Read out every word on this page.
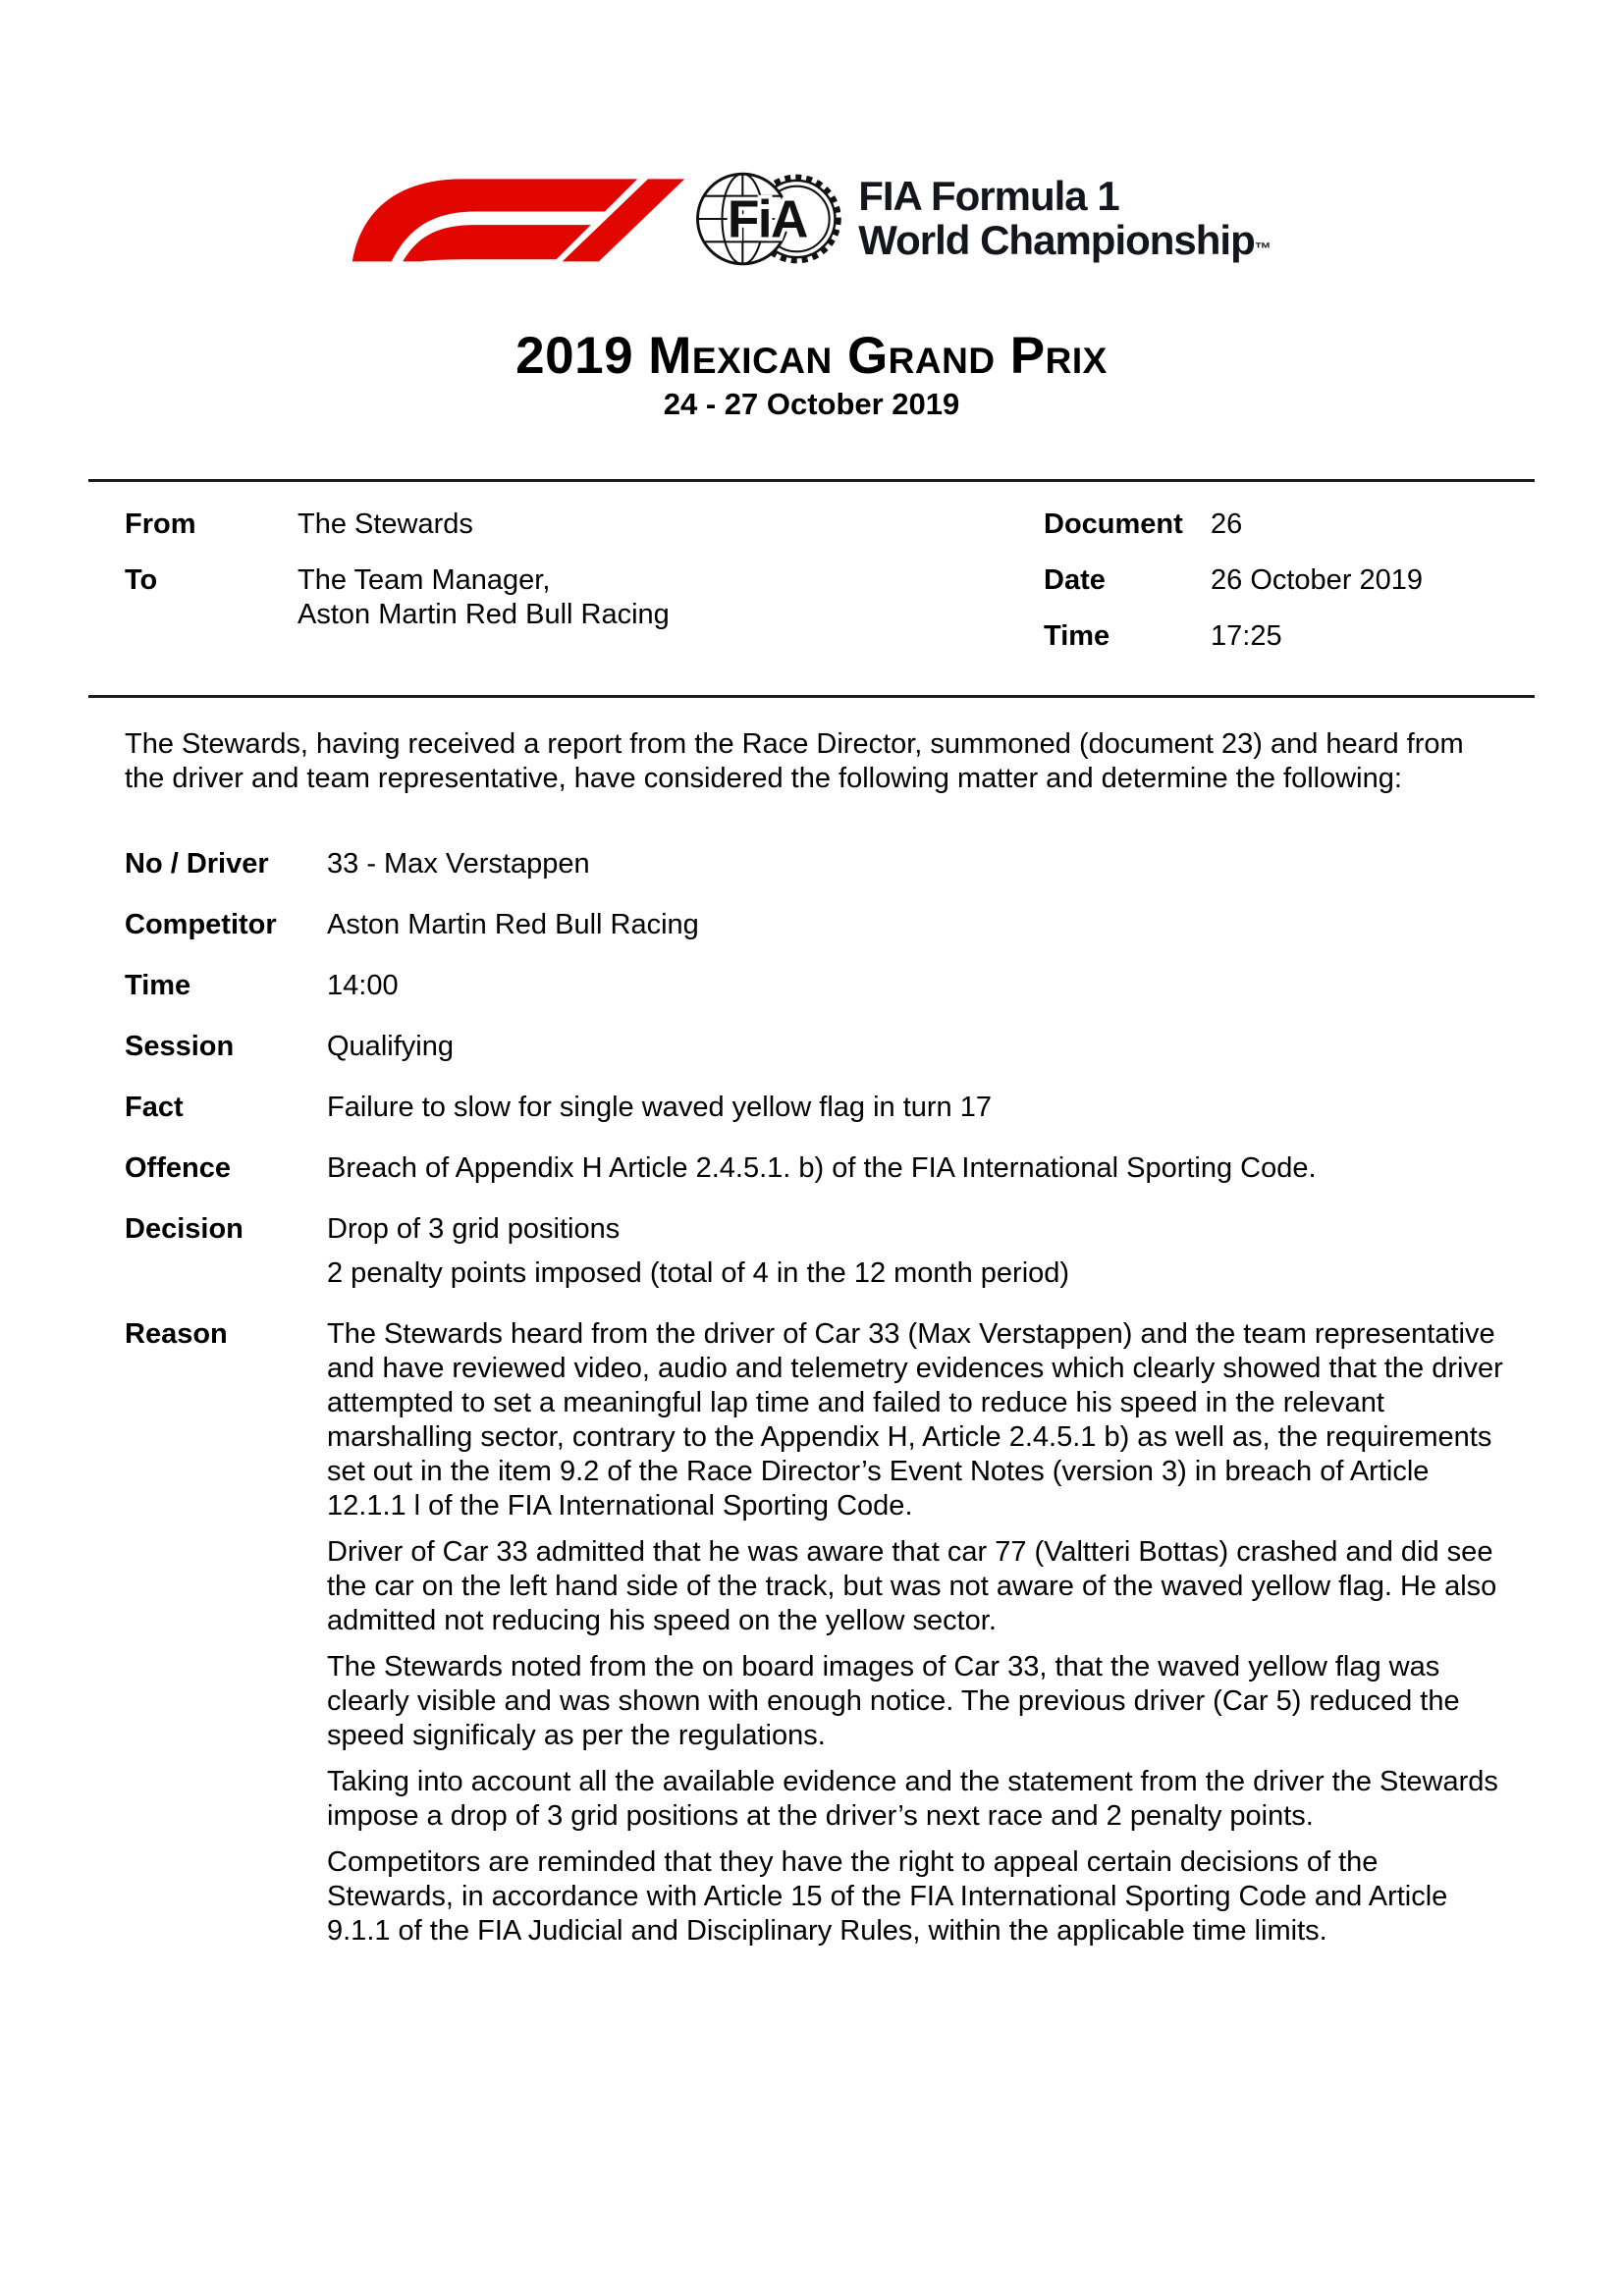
FiA FIA Formula 1
World Championship™
2019 Mexican Grand Prix
24 - 27 October 2019
From	The Stewards
To	The Team Manager,
Aston Martin Red Bull Racing
Document 26
Date	26 October 2019
Time	17:25

The Stewards, having received a report from the Race Director, summoned (document 23) and heard from the driver and team representative, have considered the following matter and determine the following:

No / Driver	33 - Max Verstappen
Competitor	Aston Martin Red Bull Racing
Time	14:00
Session	Qualifying
Fact	Failure to slow for single waved yellow flag in turn 17
Offence	Breach of Appendix H Article 2.4.5.1. b) of the FIA International Sporting Code.
Decision	Drop of 3 grid positions
2 penalty points imposed (total of 4 in the 12 month period)
Reason	The Stewards heard from the driver of Car 33 (Max Verstappen) and the team representative and have reviewed video, audio and telemetry evidences which clearly showed that the driver attempted to set a meaningful lap time and failed to reduce his speed in the relevant marshalling sector, contrary to the Appendix H, Article 2.4.5.1 b) as well as, the requirements set out in the item 9.2 of the Race Director’s Event Notes (version 3) in breach of Article 12.1.1 l of the FIA International Sporting Code.

Driver of Car 33 admitted that he was aware that car 77 (Valtteri Bottas) crashed and did see the car on the left hand side of the track, but was not aware of the waved yellow flag. He also admitted not reducing his speed on the yellow sector.

The Stewards noted from the on board images of Car 33, that the waved yellow flag was clearly visible and was shown with enough notice. The previous driver (Car 5) reduced the speed significaly as per the regulations.

Taking into account all the available evidence and the statement from the driver the Stewards impose a drop of 3 grid positions at the driver’s next race and 2 penalty points.

Competitors are reminded that they have the right to appeal certain decisions of the Stewards, in accordance with Article 15 of the FIA International Sporting Code and Article 9.1.1 of the FIA Judicial and Disciplinary Rules, within the applicable time limits.
